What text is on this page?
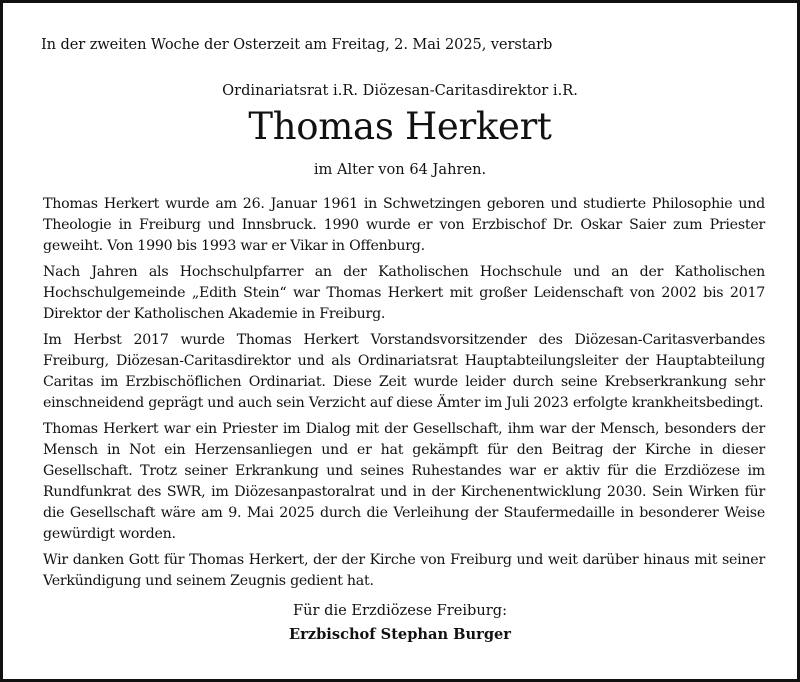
In der zweiten Woche der Osterzeit am Freitag, 2. Mai 2025, verstarb
Ordinariatsrat i.R. Diözesan-Caritasdirektor i.R.
Thomas Herkert
im Alter von 64 Jahren.

Thomas Herkert wurde am 26. Januar 1961 in Schwetzingen geboren und studierte Philosophie und Theologie in Freiburg und Innsbruck. 1990 wurde er von Erzbischof Dr. Oskar Saier zum Priester geweiht. Von 1990 bis 1993 war er Vikar in Offenburg.

Nach Jahren als Hochschulpfarrer an der Katholischen Hochschule und an der Katholischen Hochschulgemeinde „Edith Stein“ war Thomas Herkert mit großer Leidenschaft von 2002 bis 2017 Direktor der Katholischen Akademie in Freiburg.

Im Herbst 2017 wurde Thomas Herkert Vorstandsvorsitzender des Diözesan-Caritasverbandes Freiburg, Diözesan-Caritasdirektor und als Ordinariatsrat Hauptabteilungsleiter der Hauptabteilung Caritas im Erzbischöflichen Ordinariat. Diese Zeit wurde leider durch seine Krebserkrankung sehr einschneidend geprägt und auch sein Verzicht auf diese Ämter im Juli 2023 erfolgte krankheitsbedingt.

Thomas Herkert war ein Priester im Dialog mit der Gesellschaft, ihm war der Mensch, besonders der Mensch in Not ein Herzensanliegen und er hat gekämpft für den Beitrag der Kirche in dieser Gesellschaft. Trotz seiner Erkrankung und seines Ruhestandes war er aktiv für die Erzdiözese im Rundfunkrat des SWR, im Diözesanpastoralrat und in der Kirchenentwicklung 2030. Sein Wirken für die Gesellschaft wäre am 9. Mai 2025 durch die Verleihung der Staufermedaille in besonderer Weise gewürdigt worden.

Wir danken Gott für Thomas Herkert, der der Kirche von Freiburg und weit darüber hinaus mit seiner Verkündigung und seinem Zeugnis gedient hat.

Für die Erzdiözese Freiburg:
Erzbischof Stephan Burger
